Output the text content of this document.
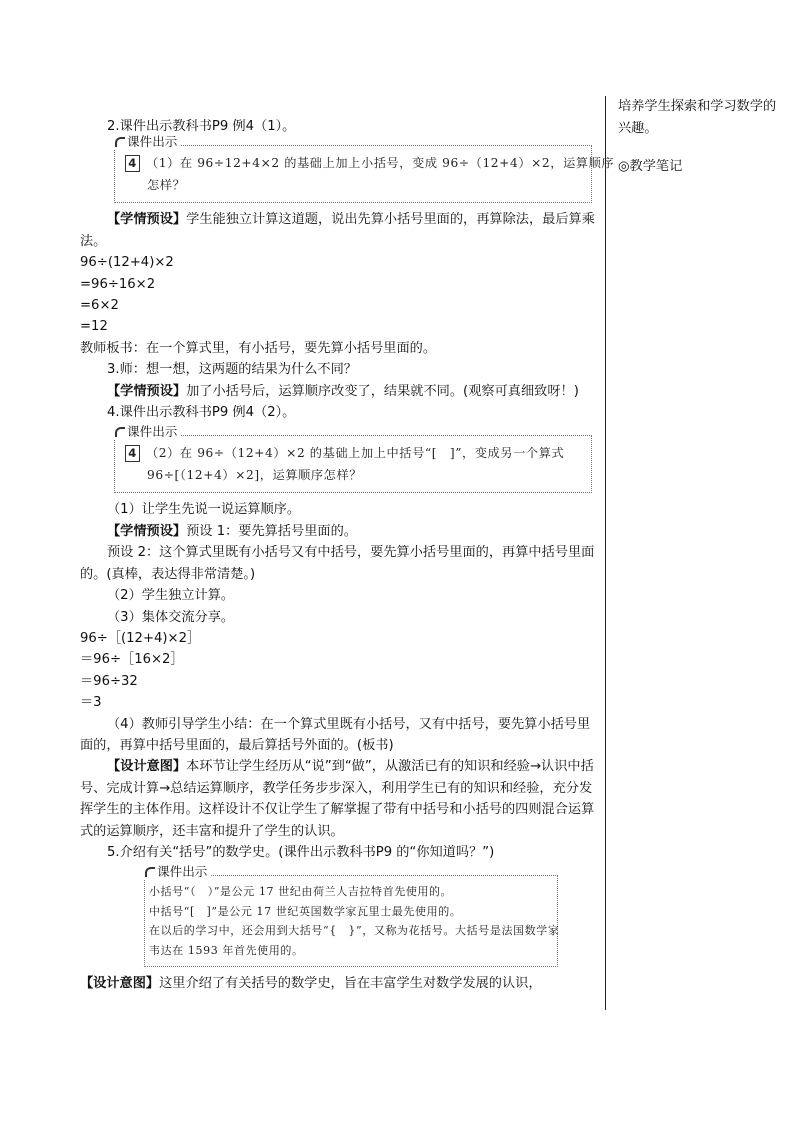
培养学生探索和学习数学的兴趣。
◎教学笔记
2.课件出示教科书P9 例4（1）。
课件出示
4 （1）在 96÷12+4×2 的基础上加上小括号，变成 96÷（12+4）×2，运算顺序
怎样？
【学情预设】学生能独立计算这道题，说出先算小括号里面的，再算除法，最后算乘法。
96÷(12+4)×2
=96÷16×2
=6×2
=12
教师板书：在一个算式里，有小括号，要先算小括号里面的。
3.师：想一想，这两题的结果为什么不同？
【学情预设】加了小括号后，运算顺序改变了，结果就不同。(观察可真细致呀！)
4.课件出示教科书P9 例4（2）。
课件出示
4 （2）在 96÷（12+4）×2 的基础上加上中括号“[　]”，变成另一个算式
96÷[（12+4）×2]，运算顺序怎样？
（1）让学生先说一说运算顺序。
【学情预设】预设 1：要先算括号里面的。
预设 2：这个算式里既有小括号又有中括号，要先算小括号里面的，再算中括号里面的。(真棒，表达得非常清楚。)
（2）学生独立计算。
（3）集体交流分享。
96÷［(12+4)×2］
＝96÷［16×2］
＝96÷32
＝3
（4）教师引导学生小结：在一个算式里既有小括号，又有中括号，要先算小括号里面的，再算中括号里面的，最后算括号外面的。(板书)
【设计意图】本环节让学生经历从“说”到“做”，从激活已有的知识和经验→认识中括号、完成计算→总结运算顺序，教学任务步步深入，利用学生已有的知识和经验，充分发挥学生的主体作用。这样设计不仅让学生了解掌握了带有中括号和小括号的四则混合运算式的运算顺序，还丰富和提升了学生的认识。
5.介绍有关“括号”的数学史。(课件出示教科书P9 的“你知道吗？”)
课件出示
小括号“（　）”是公元 17 世纪由荷兰人吉拉特首先使用的。
中括号“[　]”是公元 17 世纪英国数学家瓦里士最先使用的。
在以后的学习中，还会用到大括号“{　}”，又称为花括号。大括号是法国数学家
韦达在 1593 年首先使用的。
【设计意图】这里介绍了有关括号的数学史，旨在丰富学生对数学发展的认识，
